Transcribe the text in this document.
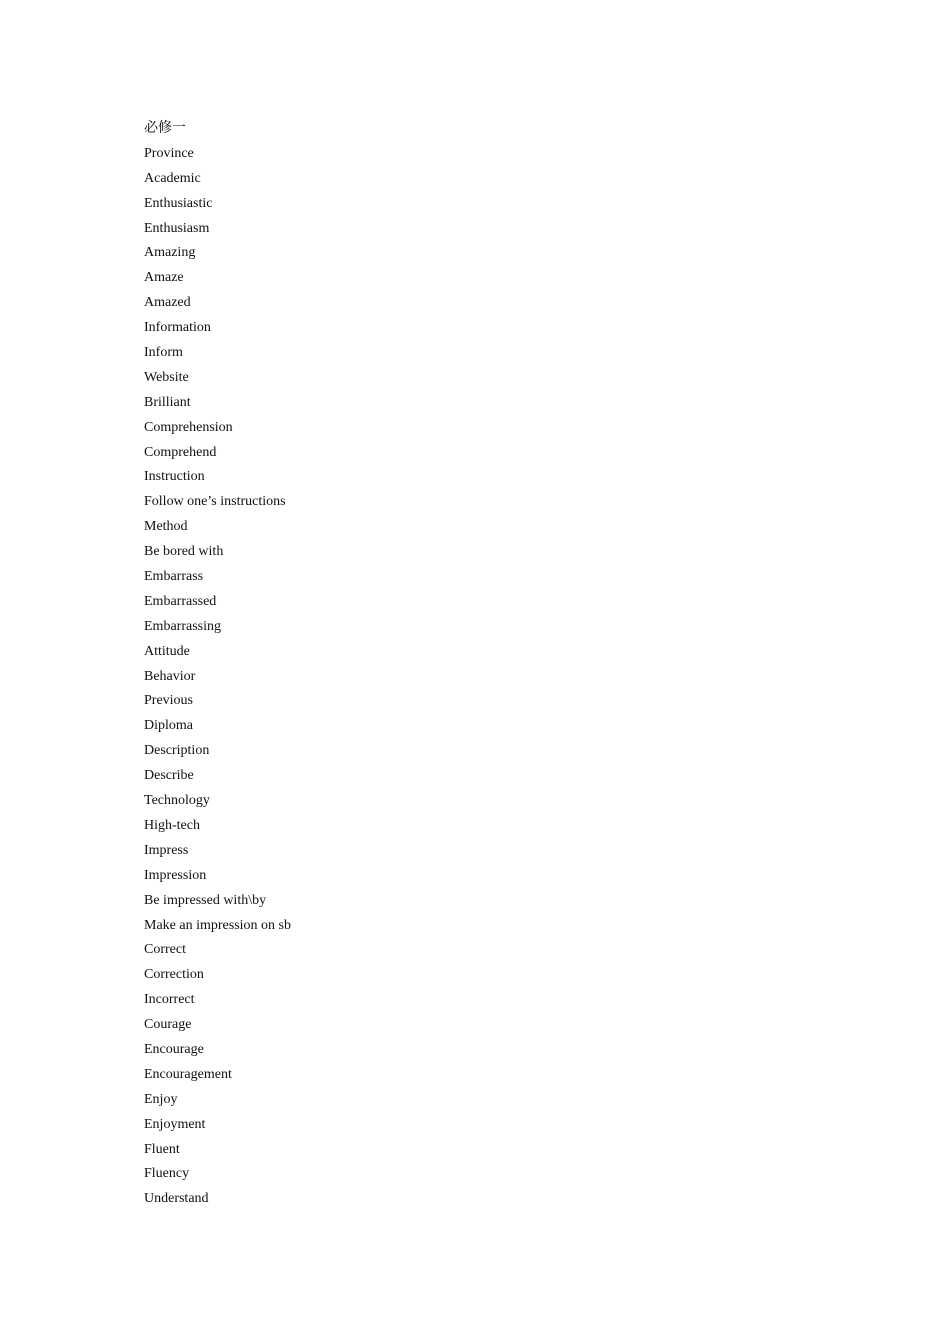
必修一
Province
Academic
Enthusiastic
Enthusiasm
Amazing
Amaze
Amazed
Information
Inform
Website
Brilliant
Comprehension
Comprehend
Instruction
Follow one’s instructions
Method
Be bored with
Embarrass
Embarrassed
Embarrassing
Attitude
Behavior
Previous
Diploma
Description
Describe
Technology
High-tech
Impress
Impression
Be impressed with\by
Make an impression on sb
Correct
Correction
Incorrect
Courage
Encourage
Encouragement
Enjoy
Enjoyment
Fluent
Fluency
Understand
